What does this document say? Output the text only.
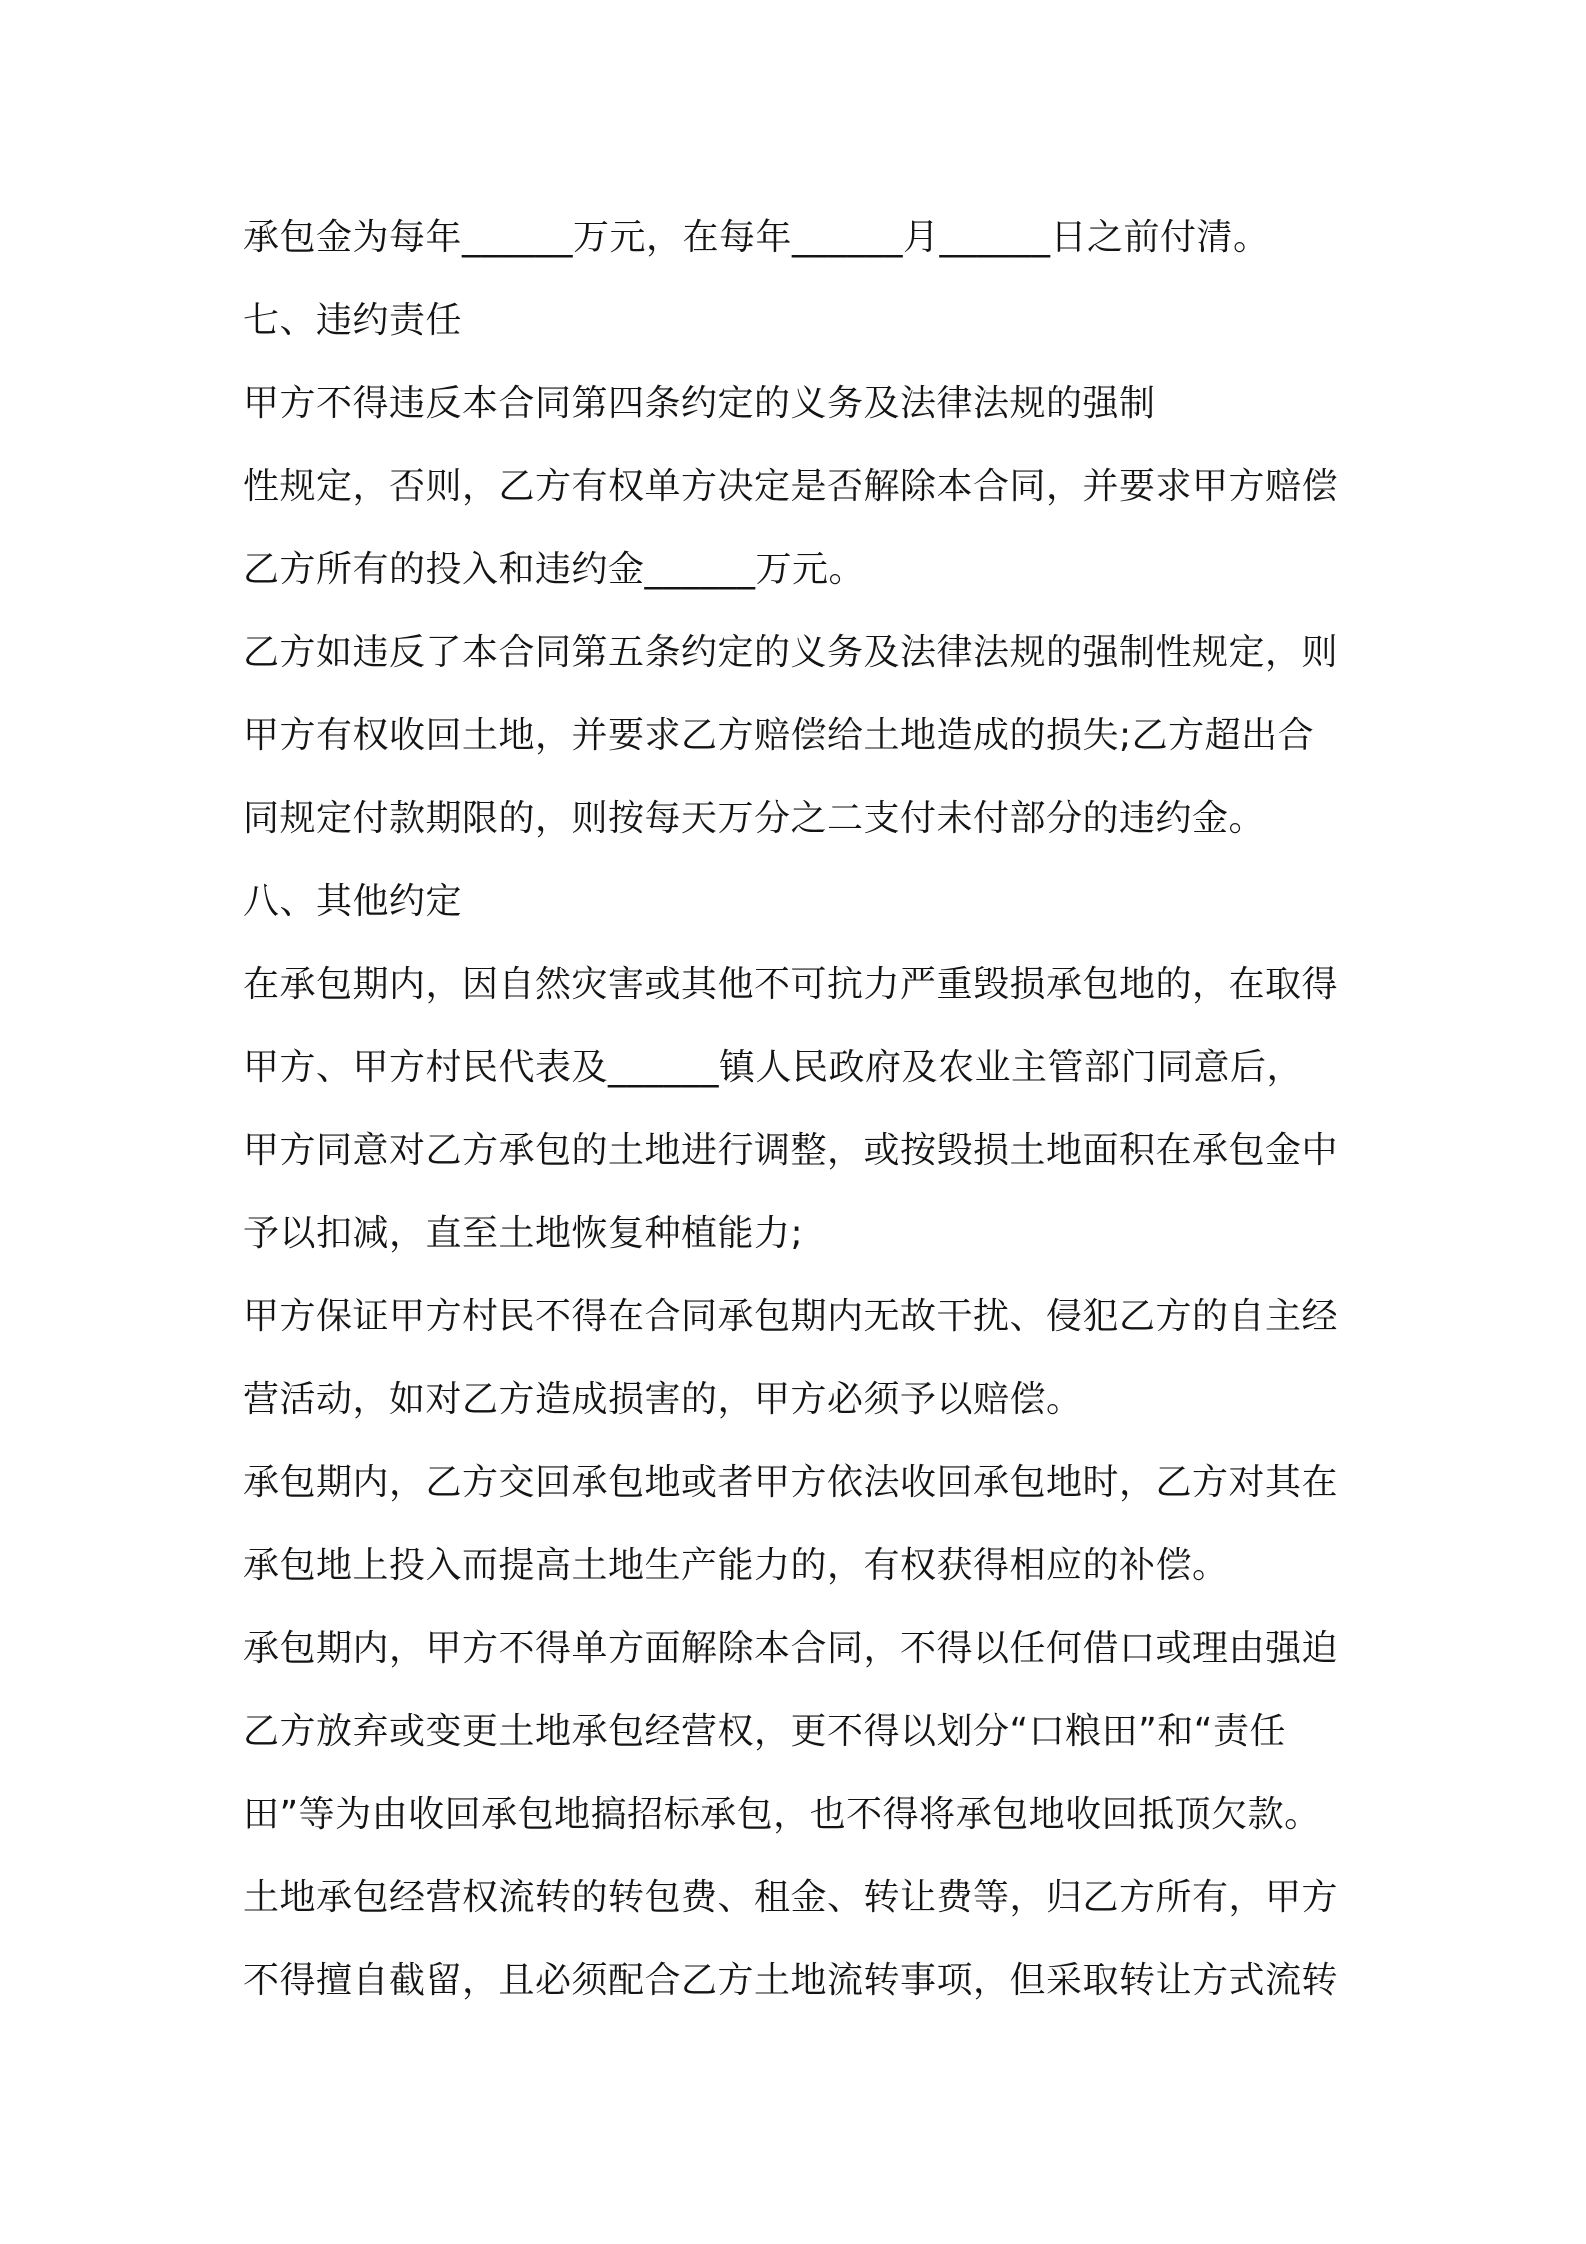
承包金为每年______万元，在每年______月______日之前付清。
七、违约责任
甲方不得违反本合同第四条约定的义务及法律法规的强制
性规定，否则，乙方有权单方决定是否解除本合同，并要求甲方赔偿
乙方所有的投入和违约金______万元。
乙方如违反了本合同第五条约定的义务及法律法规的强制性规定，则
甲方有权收回土地，并要求乙方赔偿给土地造成的损失;乙方超出合
同规定付款期限的，则按每天万分之二支付未付部分的违约金。
八、其他约定
在承包期内，因自然灾害或其他不可抗力严重毁损承包地的，在取得
甲方、甲方村民代表及______镇人民政府及农业主管部门同意后，
甲方同意对乙方承包的土地进行调整，或按毁损土地面积在承包金中
予以扣减，直至土地恢复种植能力;
甲方保证甲方村民不得在合同承包期内无故干扰、侵犯乙方的自主经
营活动，如对乙方造成损害的，甲方必须予以赔偿。
承包期内，乙方交回承包地或者甲方依法收回承包地时，乙方对其在
承包地上投入而提高土地生产能力的，有权获得相应的补偿。
承包期内，甲方不得单方面解除本合同，不得以任何借口或理由强迫
乙方放弃或变更土地承包经营权，更不得以划分“口粮田”和“责任
田”等为由收回承包地搞招标承包，也不得将承包地收回抵顶欠款。
土地承包经营权流转的转包费、租金、转让费等，归乙方所有，甲方
不得擅自截留，且必须配合乙方土地流转事项，但采取转让方式流转
